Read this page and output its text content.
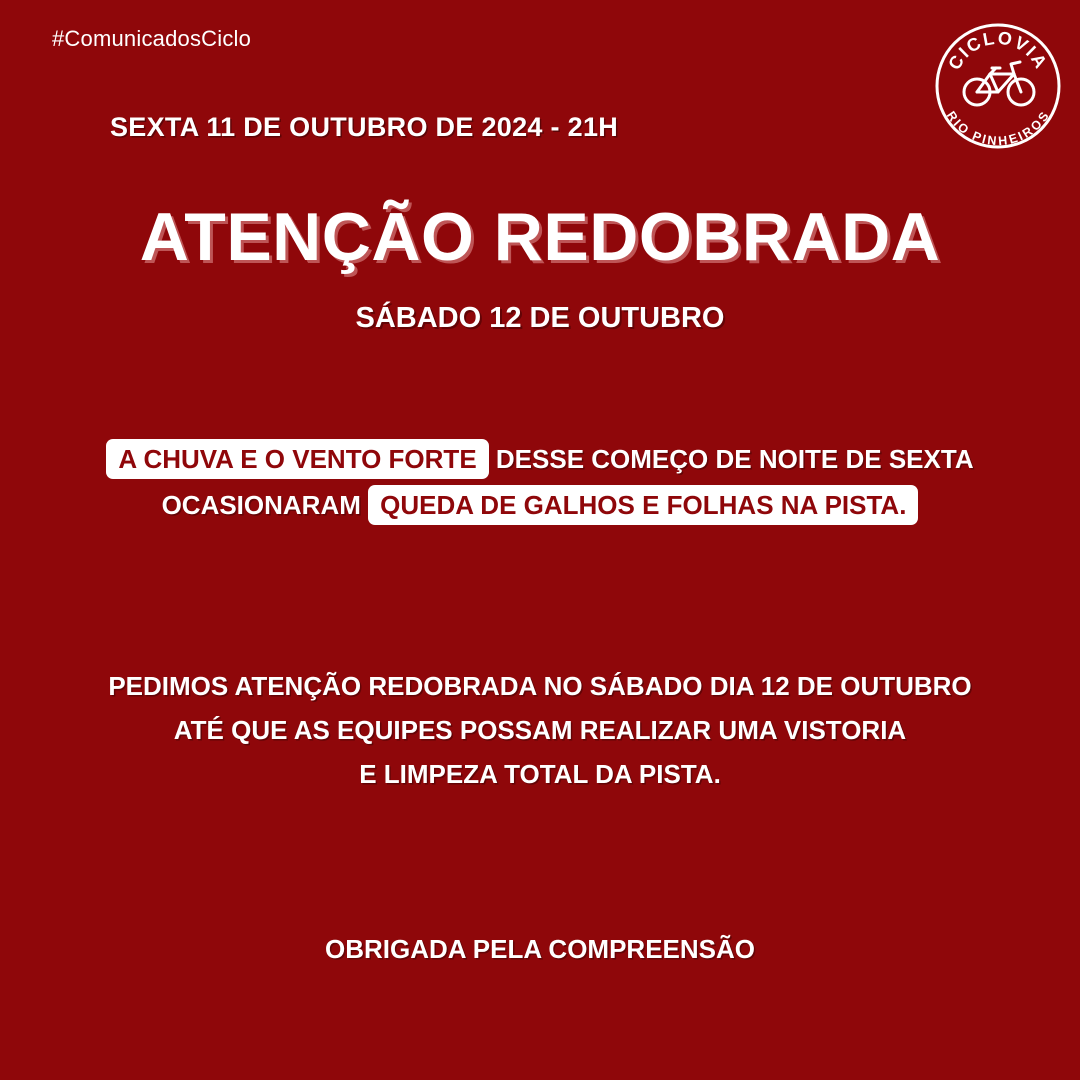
#ComunicadosCiclo
SEXTA 11 DE OUTUBRO DE 2024 - 21H
CICLOVIA
RIO PINHEIROS
ATENÇÃO REDOBRADA
SÁBADO 12 DE OUTUBRO
A CHUVA E O VENTO FORTE DESSE COMEÇO DE NOITE DE SEXTA
OCASIONARAM QUEDA DE GALHOS E FOLHAS NA PISTA.
PEDIMOS ATENÇÃO REDOBRADA NO SÁBADO DIA 12 DE OUTUBRO
ATÉ QUE AS EQUIPES POSSAM REALIZAR UMA VISTORIA
E LIMPEZA TOTAL DA PISTA.
OBRIGADA PELA COMPREENSÃO
